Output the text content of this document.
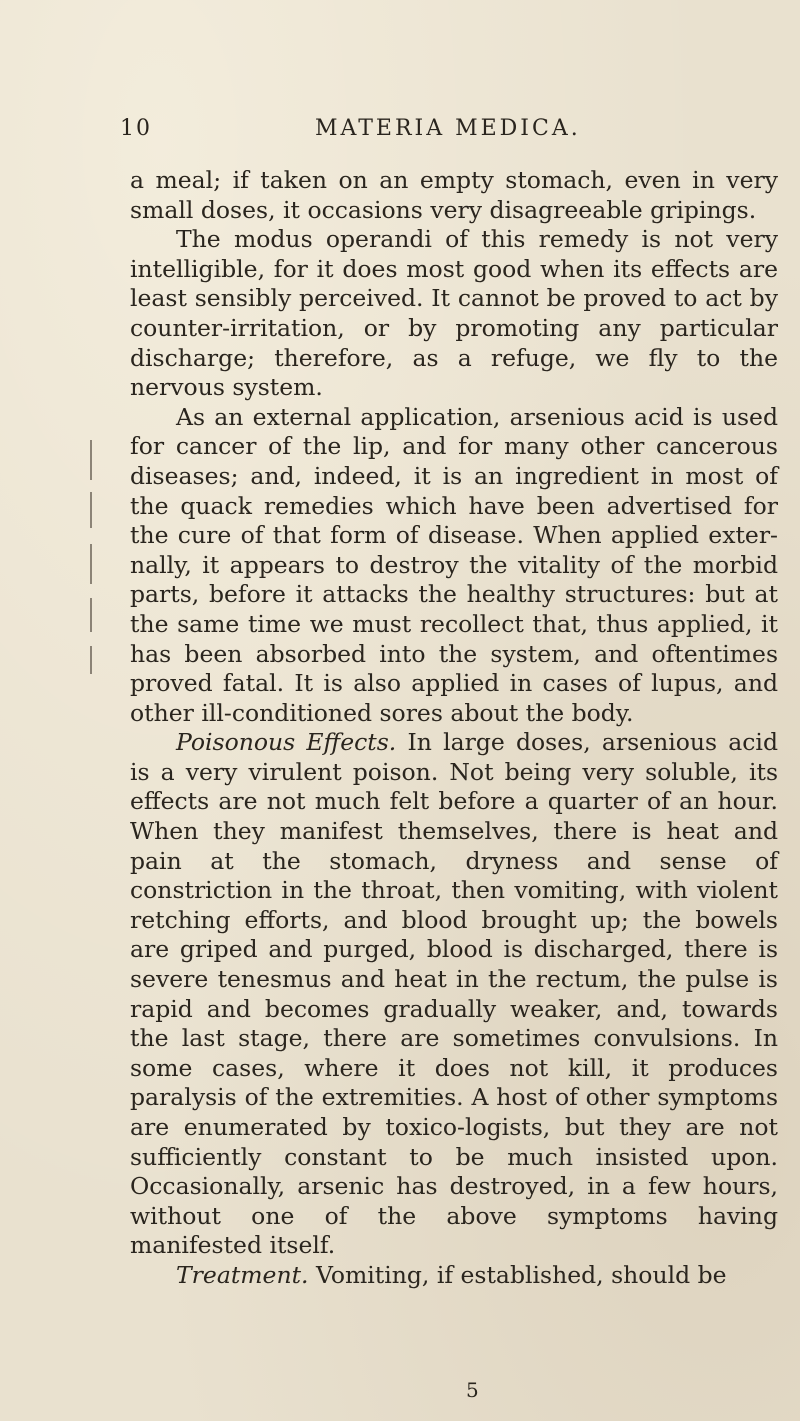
10	MATERIA MEDICA.

a meal; if taken on an empty stomach, even in very small doses, it occasions very disagreeable gripings.

The modus operandi of this remedy is not very intelligible, for it does most good when its effects are least sensibly perceived. It cannot be proved to act by counter-irritation, or by promoting any particular discharge; therefore, as a refuge, we fly to the nervous system.

As an external application, arsenious acid is used for cancer of the lip, and for many other cancerous diseases; and, indeed, it is an ingredient in most of the quack remedies which have been advertised for the cure of that form of disease. When applied exter-nally, it appears to destroy the vitality of the morbid parts, before it attacks the healthy structures: but at the same time we must recollect that, thus applied, it has been absorbed into the system, and oftentimes proved fatal. It is also applied in cases of lupus, and other ill-conditioned sores about the body.

Poisonous Effects. In large doses, arsenious acid is a very virulent poison. Not being very soluble, its effects are not much felt before a quarter of an hour. When they manifest themselves, there is heat and pain at the stomach, dryness and sense of constriction in the throat, then vomiting, with violent retching efforts, and blood brought up; the bowels are griped and purged, blood is discharged, there is severe tenesmus and heat in the rectum, the pulse is rapid and becomes gradually weaker, and, towards the last stage, there are sometimes convulsions. In some cases, where it does not kill, it produces paralysis of the extremities. A host of other symptoms are enumerated by toxico-logists, but they are not sufficiently constant to be much insisted upon. Occasionally, arsenic has destroyed, in a few hours, without one of the above symptoms having manifested itself.

Treatment. Vomiting, if established, should be

5
